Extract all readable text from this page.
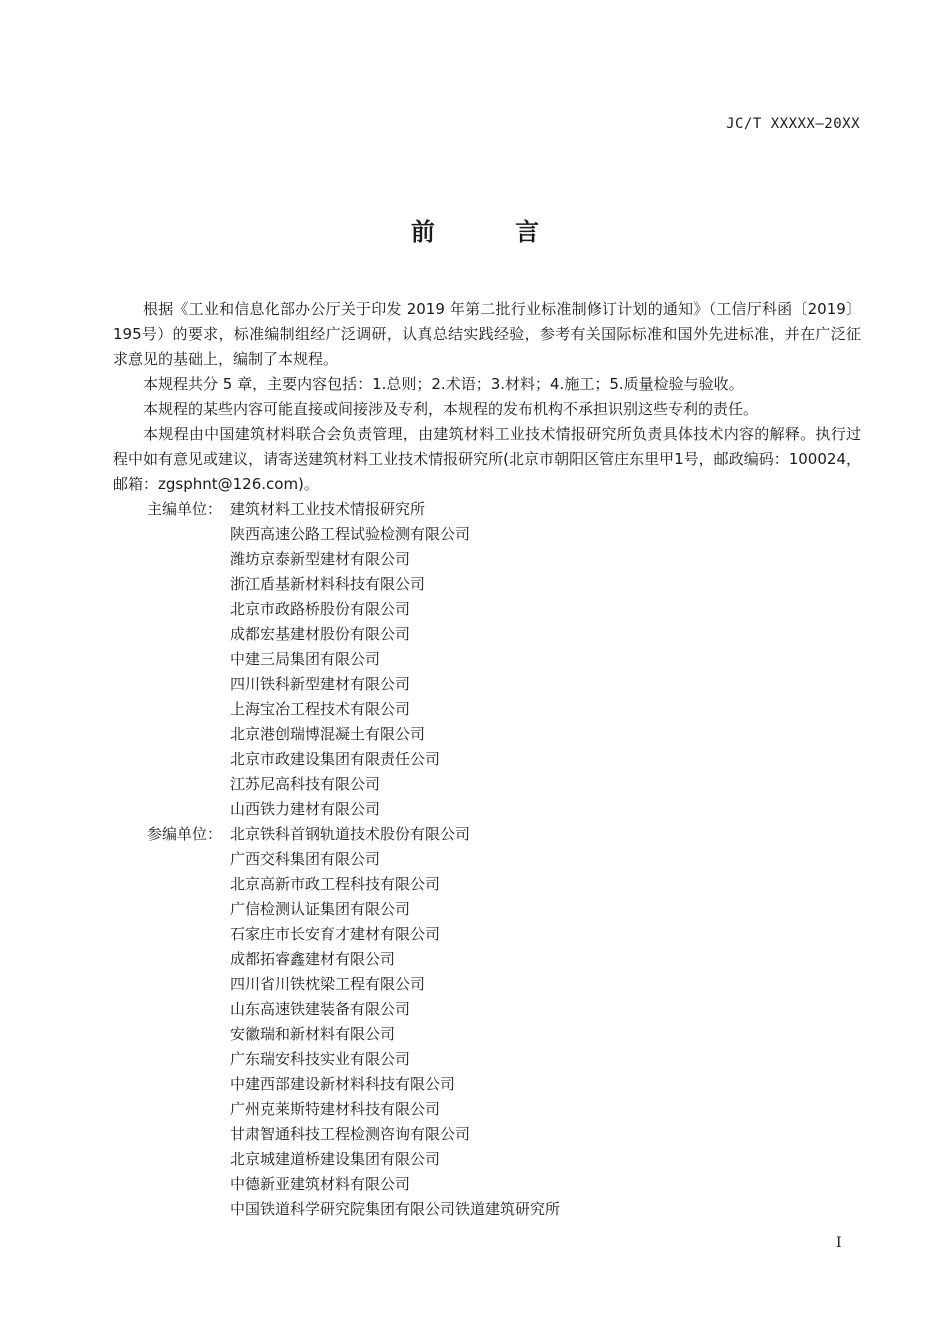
JC/T XXXXX—20XX
前 言

根据《工业和信息化部办公厅关于印发 2019 年第二批行业标准制修订计划的通知》（工信厅科函〔2019〕195号）的要求，标准编制组经广泛调研，认真总结实践经验，参考有关国际标准和国外先进标准，并在广泛征求意见的基础上，编制了本规程。

本规程共分 5 章，主要内容包括：1.总则；2.术语；3.材料；4.施工；5.质量检验与验收。

本规程的某些内容可能直接或间接涉及专利，本规程的发布机构不承担识别这些专利的责任。

本规程由中国建筑材料联合会负责管理，由建筑材料工业技术情报研究所负责具体技术内容的解释。执行过程中如有意见或建议，请寄送建筑材料工业技术情报研究所(北京市朝阳区管庄东里甲1号，邮政编码：100024，邮箱：zgsphnt@126.com)。

主编单位： 建筑材料工业技术情报研究所
陕西高速公路工程试验检测有限公司
潍坊京泰新型建材有限公司
浙江盾基新材料科技有限公司
北京市政路桥股份有限公司
成都宏基建材股份有限公司
中建三局集团有限公司
四川铁科新型建材有限公司
上海宝冶工程技术有限公司
北京港创瑞博混凝土有限公司
北京市政建设集团有限责任公司
江苏尼高科技有限公司
山西铁力建材有限公司
参编单位： 北京铁科首钢轨道技术股份有限公司
广西交科集团有限公司
北京高新市政工程科技有限公司
广信检测认证集团有限公司
石家庄市长安育才建材有限公司
成都拓睿鑫建材有限公司
四川省川铁枕梁工程有限公司
山东高速铁建装备有限公司
安徽瑞和新材料有限公司
广东瑞安科技实业有限公司
中建西部建设新材料科技有限公司
广州克莱斯特建材科技有限公司
甘肃智通科技工程检测咨询有限公司
北京城建道桥建设集团有限公司
中德新亚建筑材料有限公司
中国铁道科学研究院集团有限公司铁道建筑研究所
I
